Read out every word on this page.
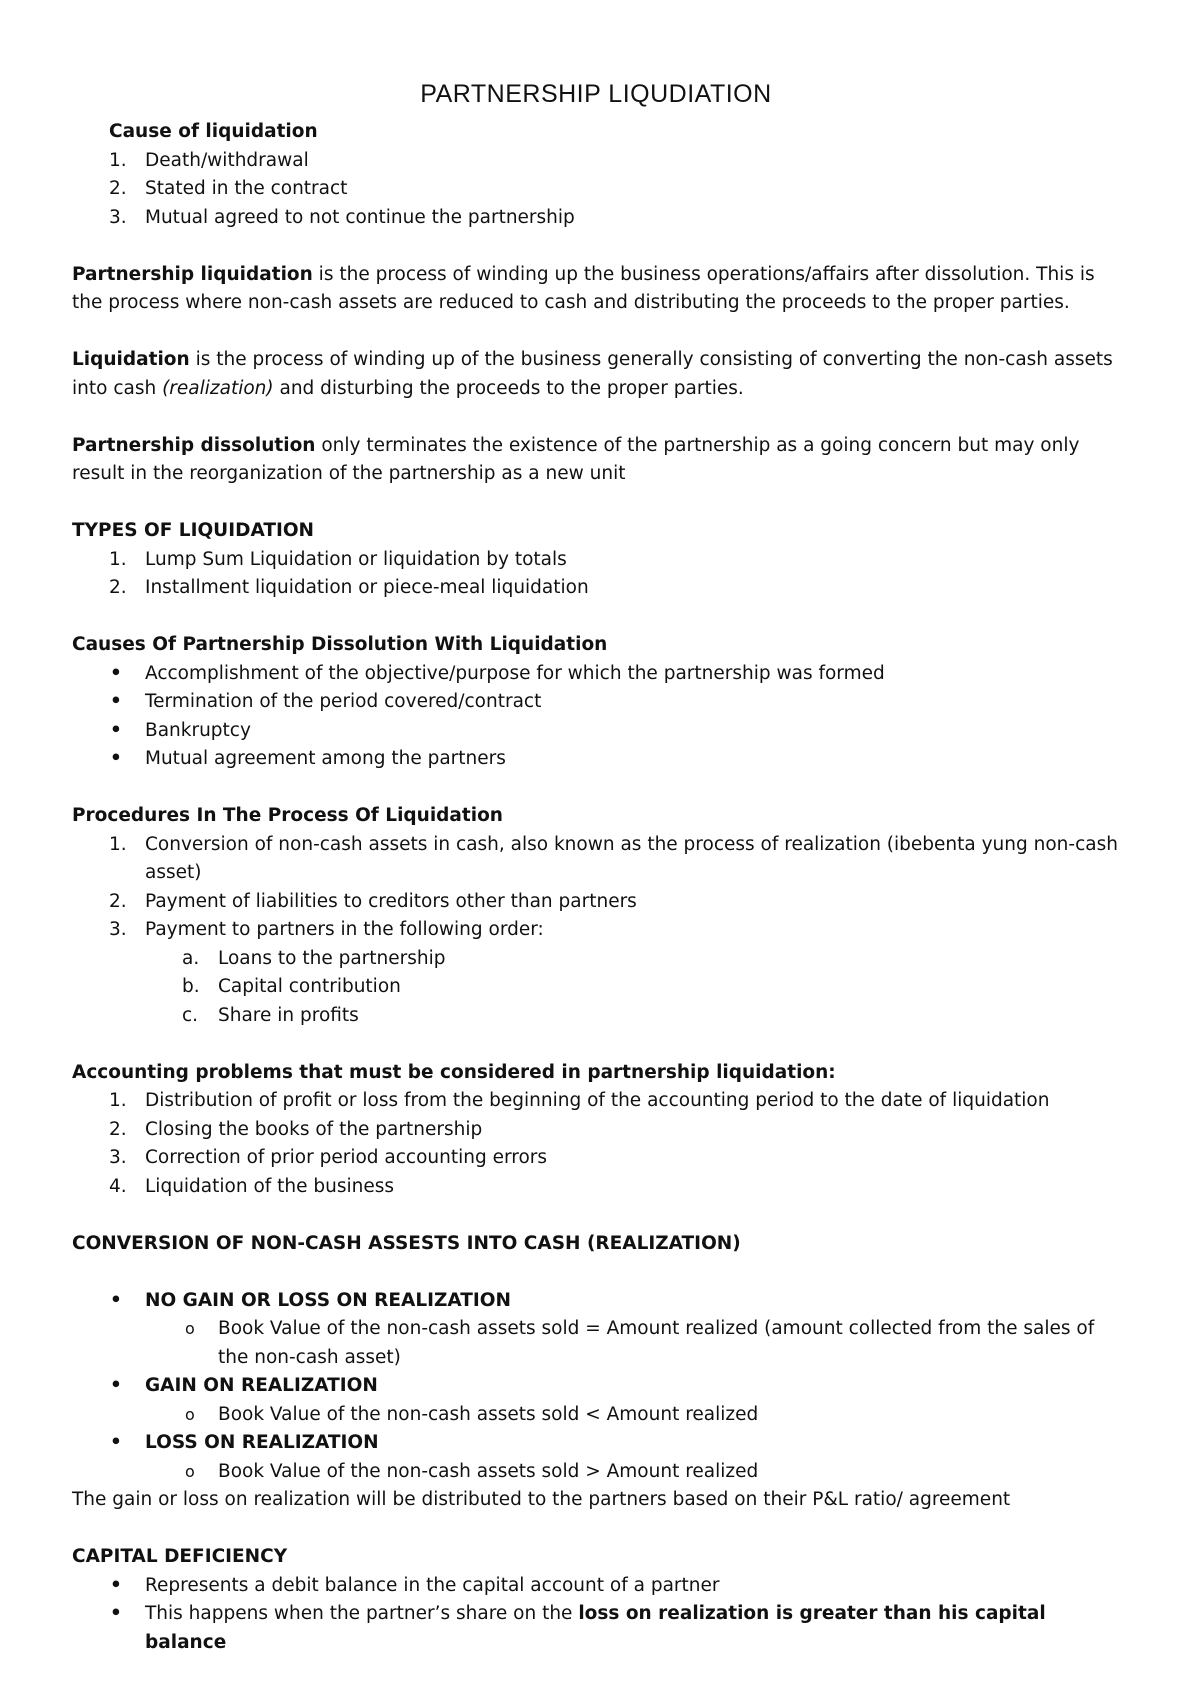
PARTNERSHIP LIQUDIATION
Cause of liquidation
1. Death/withdrawal
2. Stated in the contract
3. Mutual agreed to not continue the partnership

Partnership liquidation is the process of winding up the business operations/affairs after dissolution. This is the process where non-cash assets are reduced to cash and distributing the proceeds to the proper parties.

Liquidation is the process of winding up of the business generally consisting of converting the non-cash assets into cash (realization) and disturbing the proceeds to the proper parties.

Partnership dissolution only terminates the existence of the partnership as a going concern but may only result in the reorganization of the partnership as a new unit

TYPES OF LIQUIDATION
1. Lump Sum Liquidation or liquidation by totals
2. Installment liquidation or piece-meal liquidation
Causes Of Partnership Dissolution With Liquidation
• Accomplishment of the objective/purpose for which the partnership was formed
• Termination of the period covered/contract
• Bankruptcy
• Mutual agreement among the partners
Procedures In The Process Of Liquidation
1. Conversion of non-cash assets in cash, also known as the process of realization (ibebenta yung non-cash asset)
2. Payment of liabilities to creditors other than partners
3. Payment to partners in the following order:
a. Loans to the partnership
b. Capital contribution
c. Share in profits
Accounting problems that must be considered in partnership liquidation:
1. Distribution of profit or loss from the beginning of the accounting period to the date of liquidation
2. Closing the books of the partnership
3. Correction of prior period accounting errors
4. Liquidation of the business
CONVERSION OF NON-CASH ASSESTS INTO CASH (REALIZATION)
• NO GAIN OR LOSS ON REALIZATION
o Book Value of the non-cash assets sold = Amount realized (amount collected from the sales of the non-cash asset)
• GAIN ON REALIZATION
o Book Value of the non-cash assets sold < Amount realized
• LOSS ON REALIZATION
o Book Value of the non-cash assets sold > Amount realized

The gain or loss on realization will be distributed to the partners based on their P&L ratio/ agreement

CAPITAL DEFICIENCY
• Represents a debit balance in the capital account of a partner
• This happens when the partner’s share on the loss on realization is greater than his capital balance
